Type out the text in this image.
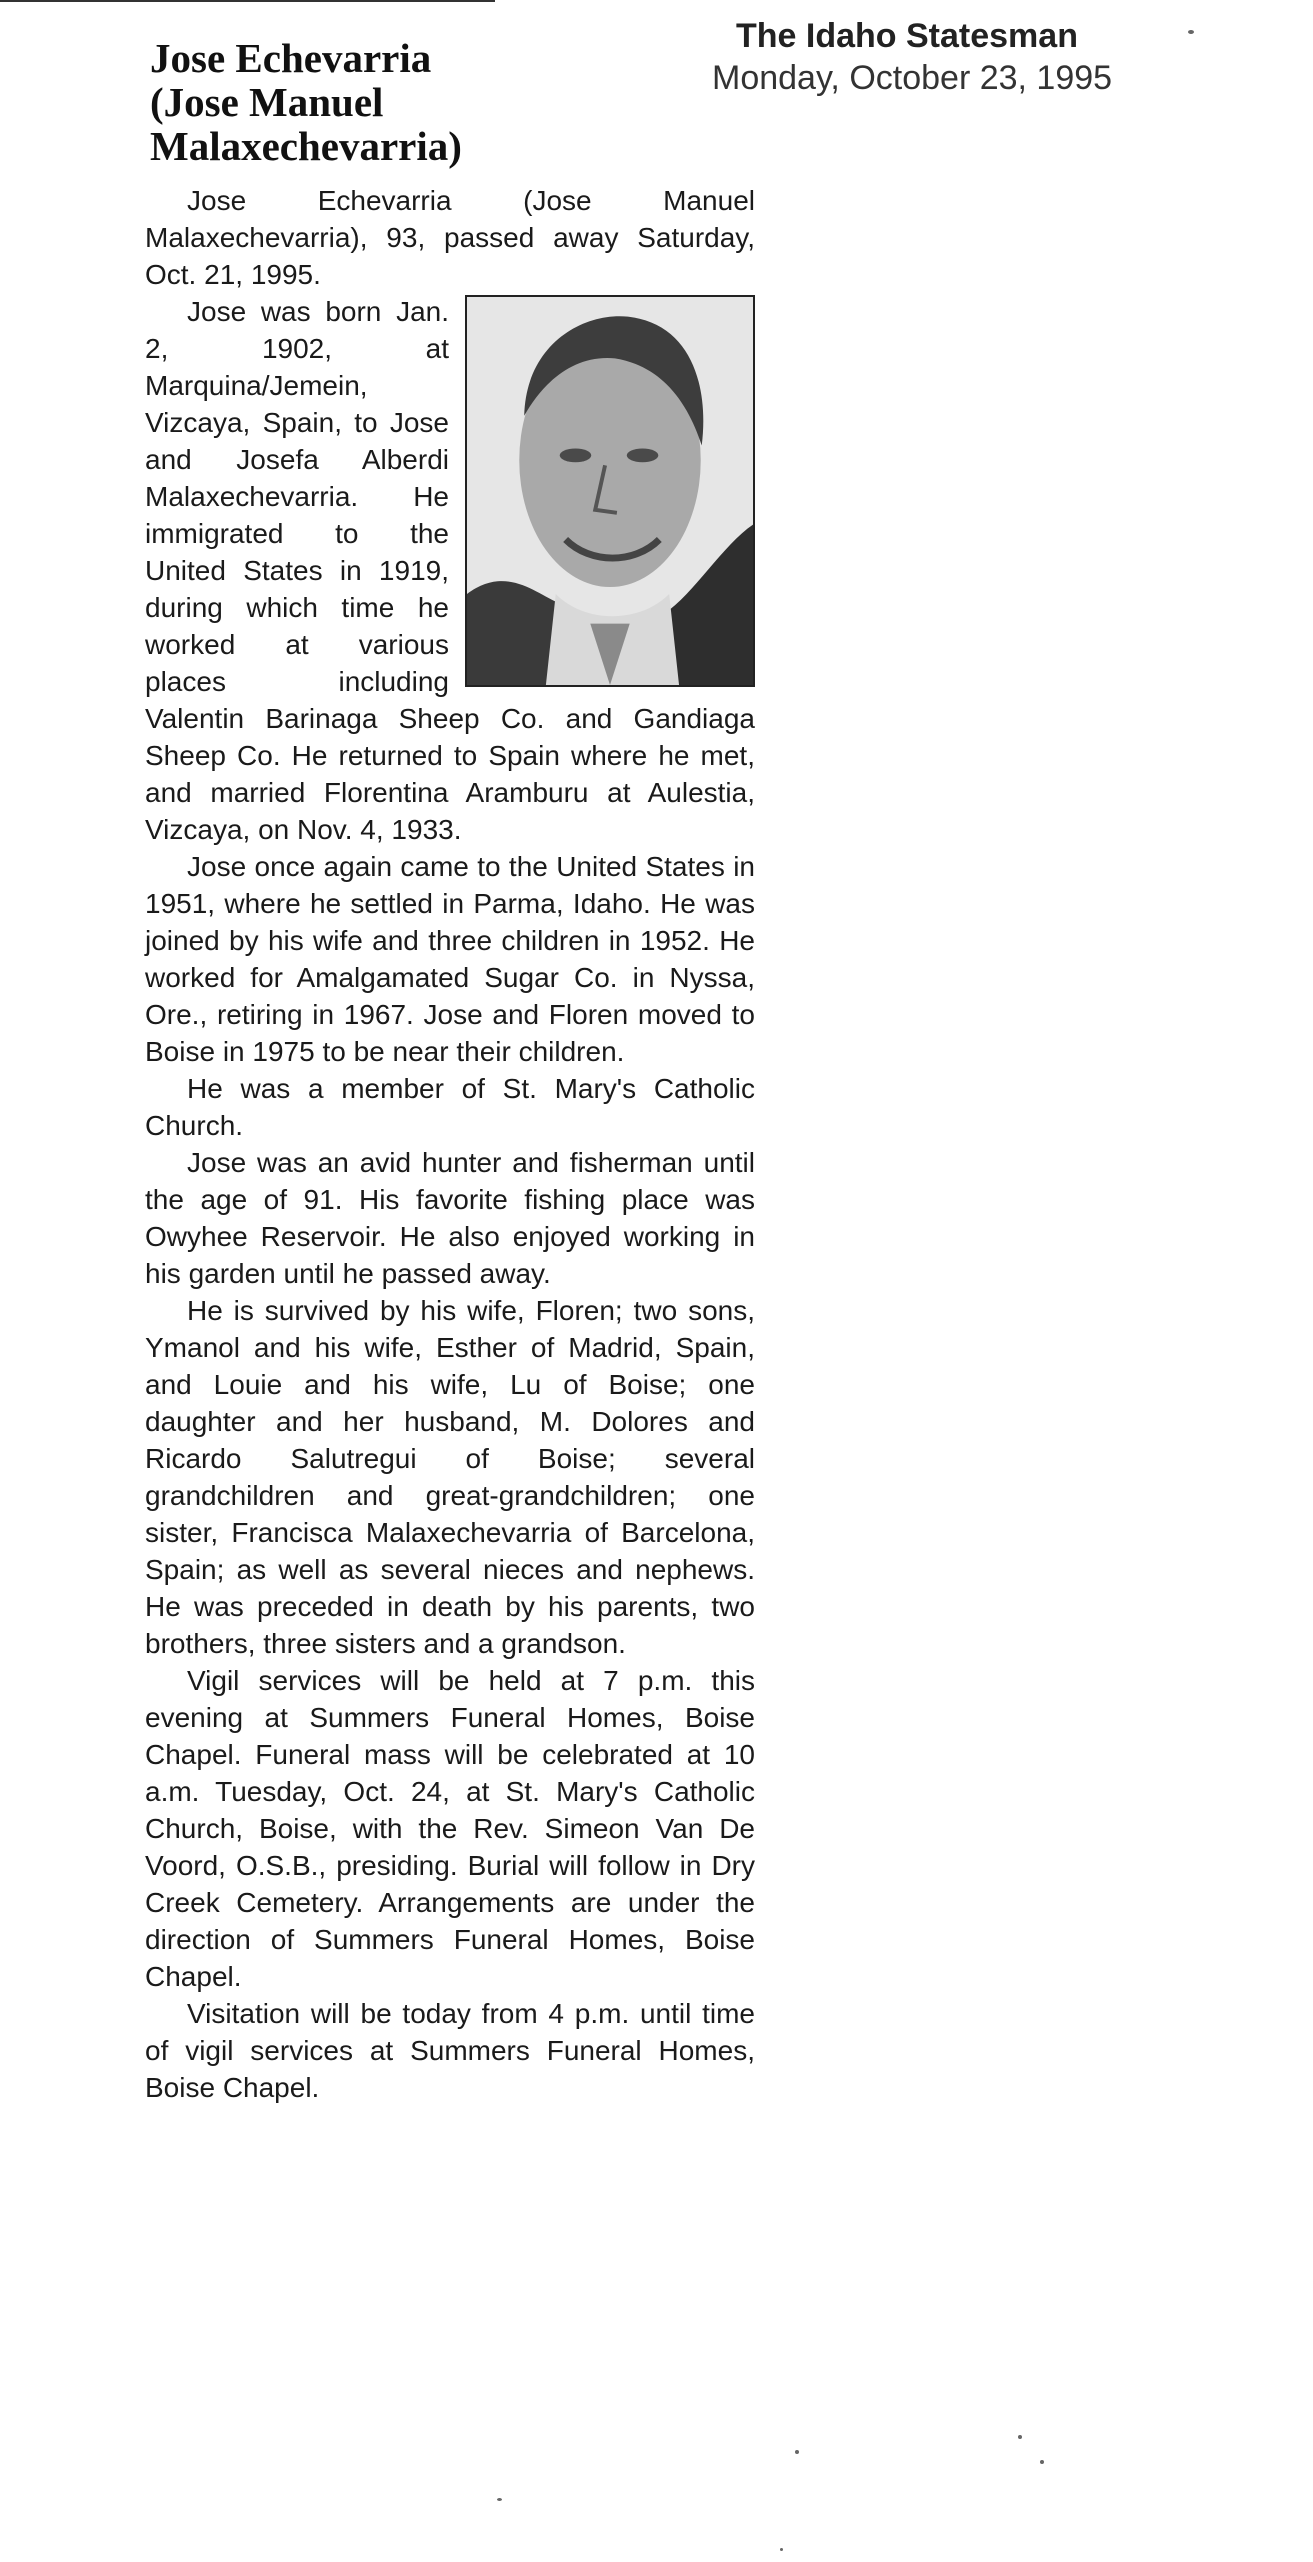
Jose Echevarria
(Jose Manuel
Malaxechevarria)
The Idaho Statesman
Monday, October 23, 1995

Jose Echevarria (Jose Manuel Malaxechevarria), 93, passed away Saturday, Oct. 21, 1995.

Jose was born Jan. 2, 1902, at Marquina/Jemein, Vizcaya, Spain, to Jose and Josefa Alberdi Malaxechevarria. He immigrated to the United States in 1919, during which time he worked at various places including Valentin Barinaga Sheep Co. and Gandiaga Sheep Co. He returned to Spain where he met, and married Florentina Aramburu at Aulestia, Vizcaya, on Nov. 4, 1933.

Jose once again came to the United States in 1951, where he settled in Parma, Idaho. He was joined by his wife and three children in 1952. He worked for Amalgamated Sugar Co. in Nyssa, Ore., retiring in 1967. Jose and Floren moved to Boise in 1975 to be near their children.

He was a member of St. Mary's Catholic Church.

Jose was an avid hunter and fisherman until the age of 91. His favorite fishing place was Owyhee Reservoir. He also enjoyed working in his garden until he passed away.

He is survived by his wife, Floren; two sons, Ymanol and his wife, Esther of Madrid, Spain, and Louie and his wife, Lu of Boise; one daughter and her husband, M. Dolores and Ricardo Salutregui of Boise; several grandchildren and great-grandchildren; one sister, Francisca Malaxechevarria of Barcelona, Spain; as well as several nieces and nephews. He was preceded in death by his parents, two brothers, three sisters and a grandson.

Vigil services will be held at 7 p.m. this evening at Summers Funeral Homes, Boise Chapel. Funeral mass will be celebrated at 10 a.m. Tuesday, Oct. 24, at St. Mary's Catholic Church, Boise, with the Rev. Simeon Van De Voord, O.S.B., presiding. Burial will follow in Dry Creek Cemetery. Arrangements are under the direction of Summers Funeral Homes, Boise Chapel.

Visitation will be today from 4 p.m. until time of vigil services at Summers Funeral Homes, Boise Chapel.
